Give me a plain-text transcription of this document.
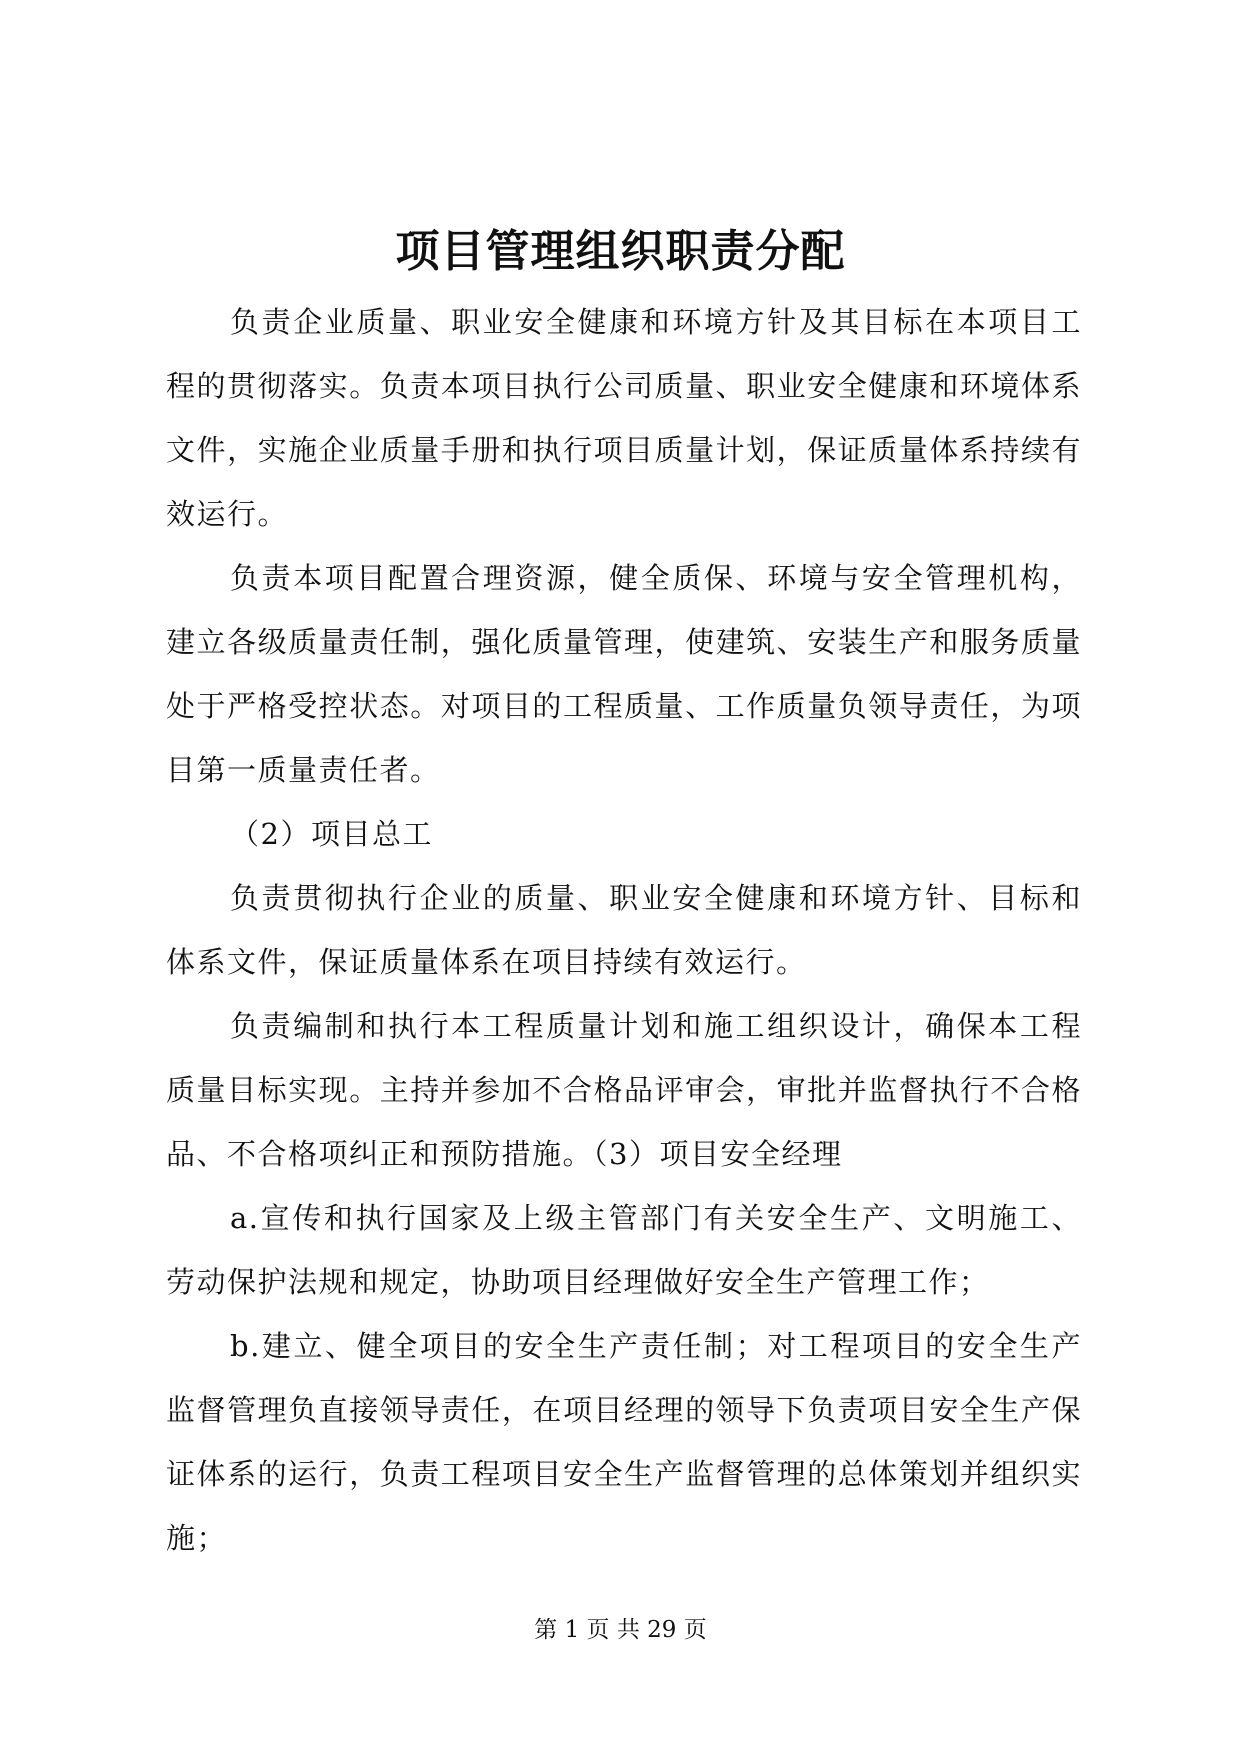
项目管理组织职责分配

负责企业质量、职业安全健康和环境方针及其目标在本项目工程的贯彻落实。负责本项目执行公司质量、职业安全健康和环境体系文件，实施企业质量手册和执行项目质量计划，保证质量体系持续有效运行。

负责本项目配置合理资源，健全质保、环境与安全管理机构，建立各级质量责任制，强化质量管理，使建筑、安装生产和服务质量处于严格受控状态。对项目的工程质量、工作质量负领导责任，为项目第一质量责任者。

（2）项目总工

负责贯彻执行企业的质量、职业安全健康和环境方针、目标和体系文件，保证质量体系在项目持续有效运行。

负责编制和执行本工程质量计划和施工组织设计，确保本工程质量目标实现。主持并参加不合格品评审会，审批并监督执行不合格品、不合格项纠正和预防措施。（3）项目安全经理

a.宣传和执行国家及上级主管部门有关安全生产、文明施工、劳动保护法规和规定，协助项目经理做好安全生产管理工作；

b.建立、健全项目的安全生产责任制；对工程项目的安全生产监督管理负直接领导责任，在项目经理的领导下负责项目安全生产保证体系的运行，负责工程项目安全生产监督管理的总体策划并组织实施；

第 1 页 共 29 页
